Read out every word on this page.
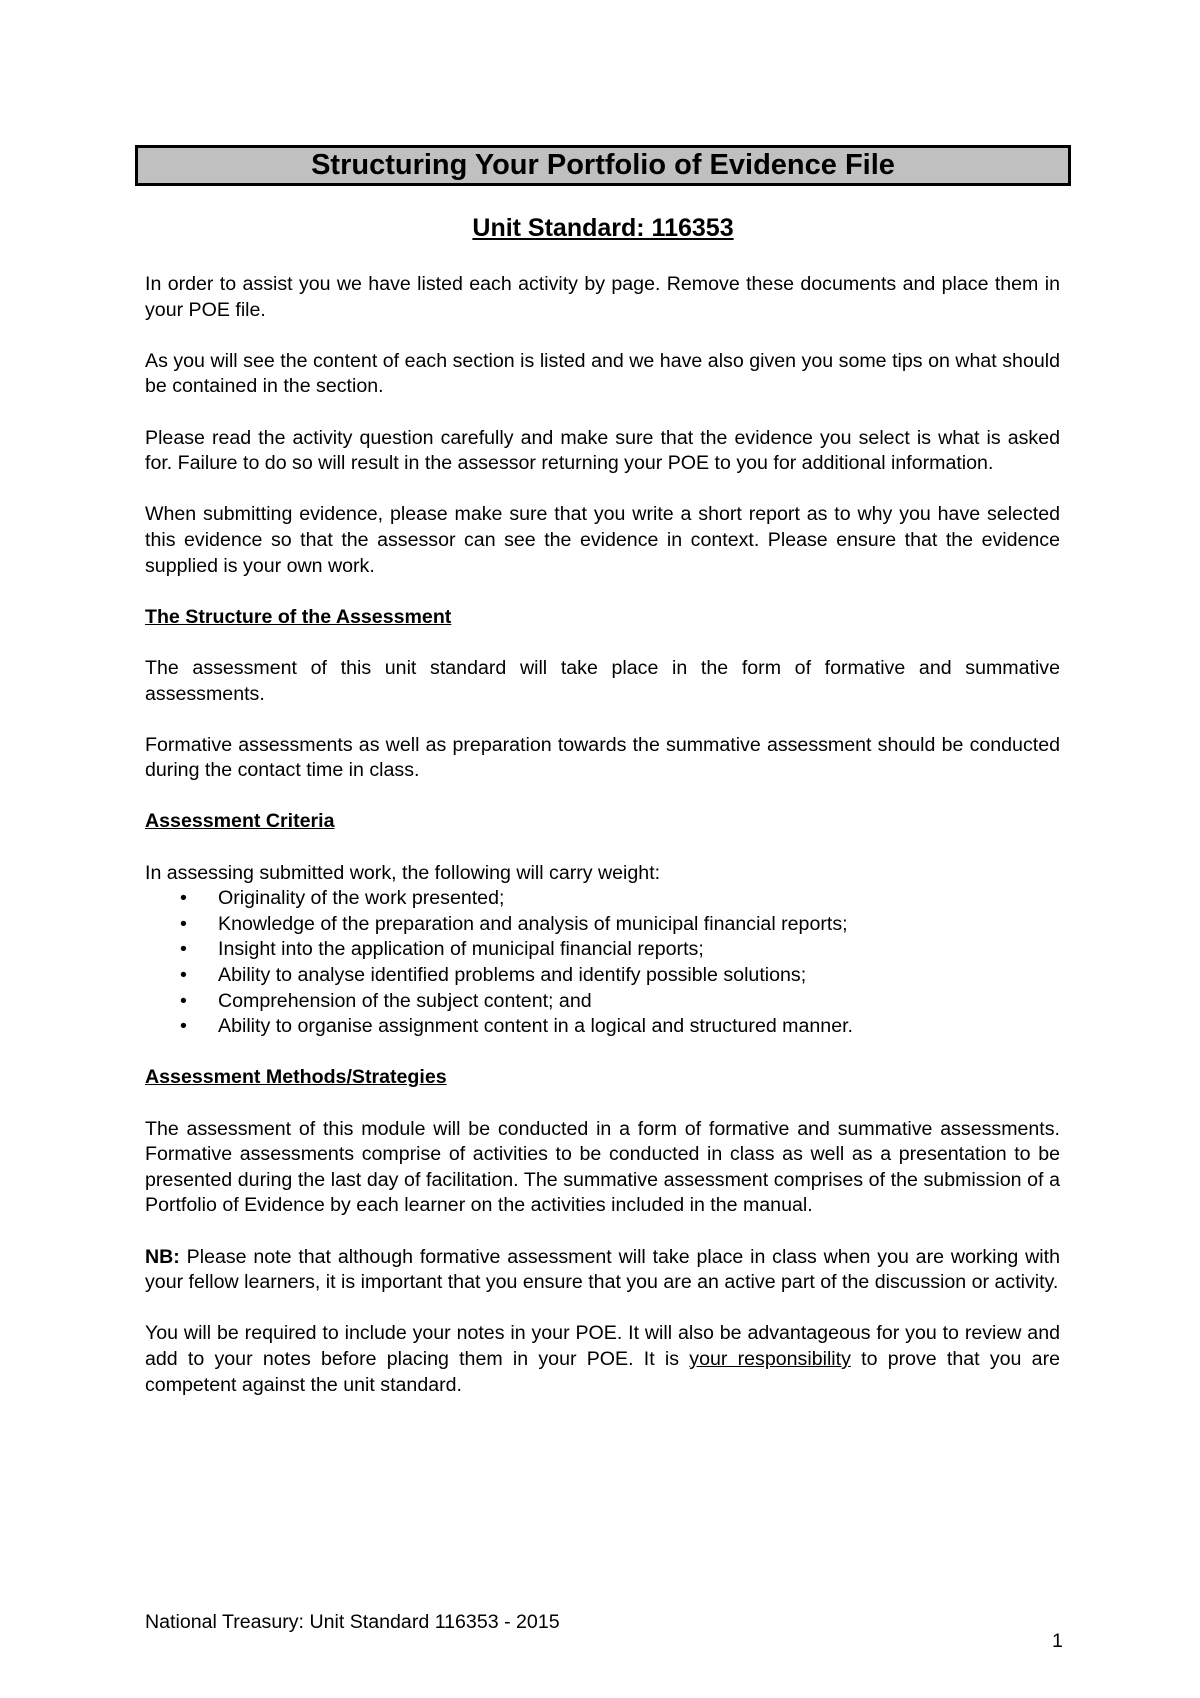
Structuring Your Portfolio of Evidence File
Unit Standard: 116353

In order to assist you we have listed each activity by page. Remove these documents and place them in your POE file.

As you will see the content of each section is listed and we have also given you some tips on what should be contained in the section.

Please read the activity question carefully and make sure that the evidence you select is what is asked for. Failure to do so will result in the assessor returning your POE to you for additional information.

When submitting evidence, please make sure that you write a short report as to why you have selected this evidence so that the assessor can see the evidence in context. Please ensure that the evidence supplied is your own work.

The Structure of the Assessment

The assessment of this unit standard will take place in the form of formative and summative assessments.

Formative assessments as well as preparation towards the summative assessment should be conducted during the contact time in class.

Assessment Criteria

In assessing submitted work, the following will carry weight:

• Originality of the work presented;
• Knowledge of the preparation and analysis of municipal financial reports;
• Insight into the application of municipal financial reports;
• Ability to analyse identified problems and identify possible solutions;
• Comprehension of the subject content; and
• Ability to organise assignment content in a logical and structured manner.
Assessment Methods/Strategies

The assessment of this module will be conducted in a form of formative and summative assessments. Formative assessments comprise of activities to be conducted in class as well as a presentation to be presented during the last day of facilitation. The summative assessment comprises of the submission of a Portfolio of Evidence by each learner on the activities included in the manual.

NB: Please note that although formative assessment will take place in class when you are working with your fellow learners, it is important that you ensure that you are an active part of the discussion or activity.

You will be required to include your notes in your POE. It will also be advantageous for you to review and add to your notes before placing them in your POE. It is your responsibility to prove that you are competent against the unit standard.

National Treasury: Unit Standard 116353 - 2015
1
